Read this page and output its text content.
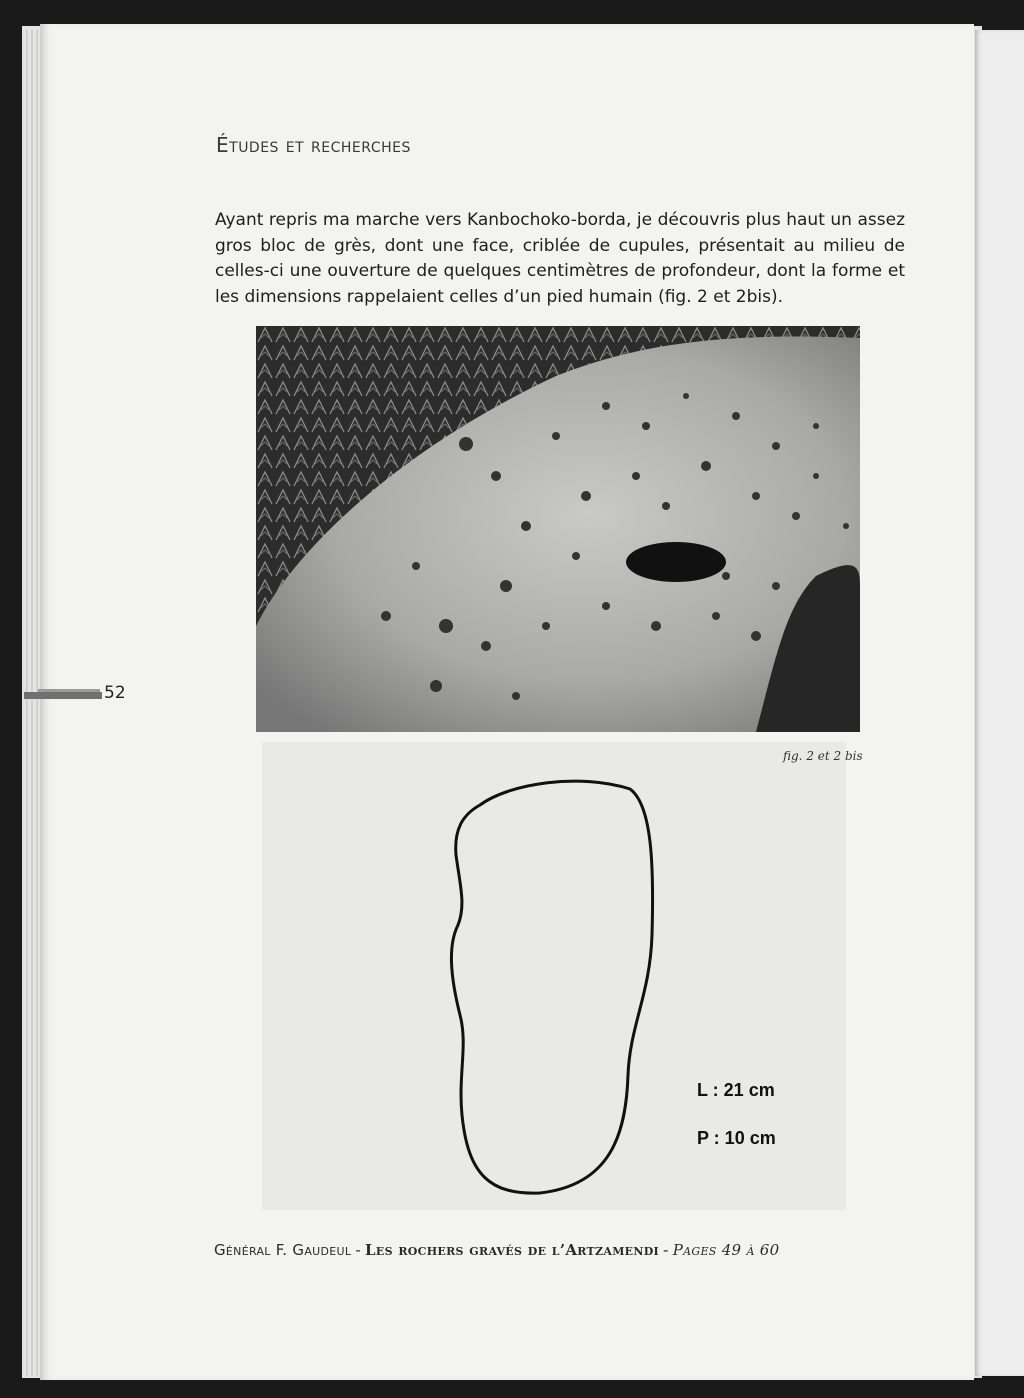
Études et recherches

Ayant repris ma marche vers Kanbochoko-borda, je découvris plus haut un assez gros bloc de grès, dont une face, criblée de cupules, présentait au milieu de celles-ci une ouverture de quelques centimètres de profondeur, dont la forme et les dimensions rappelaient celles d’un pied humain (fig. 2 et 2bis).

fig. 2 et 2 bis
L : 21 cm
P : 10 cm
52
Général F. Gaudeul - Les rochers gravés de l’Artzamendi - Pages 49 à 60
